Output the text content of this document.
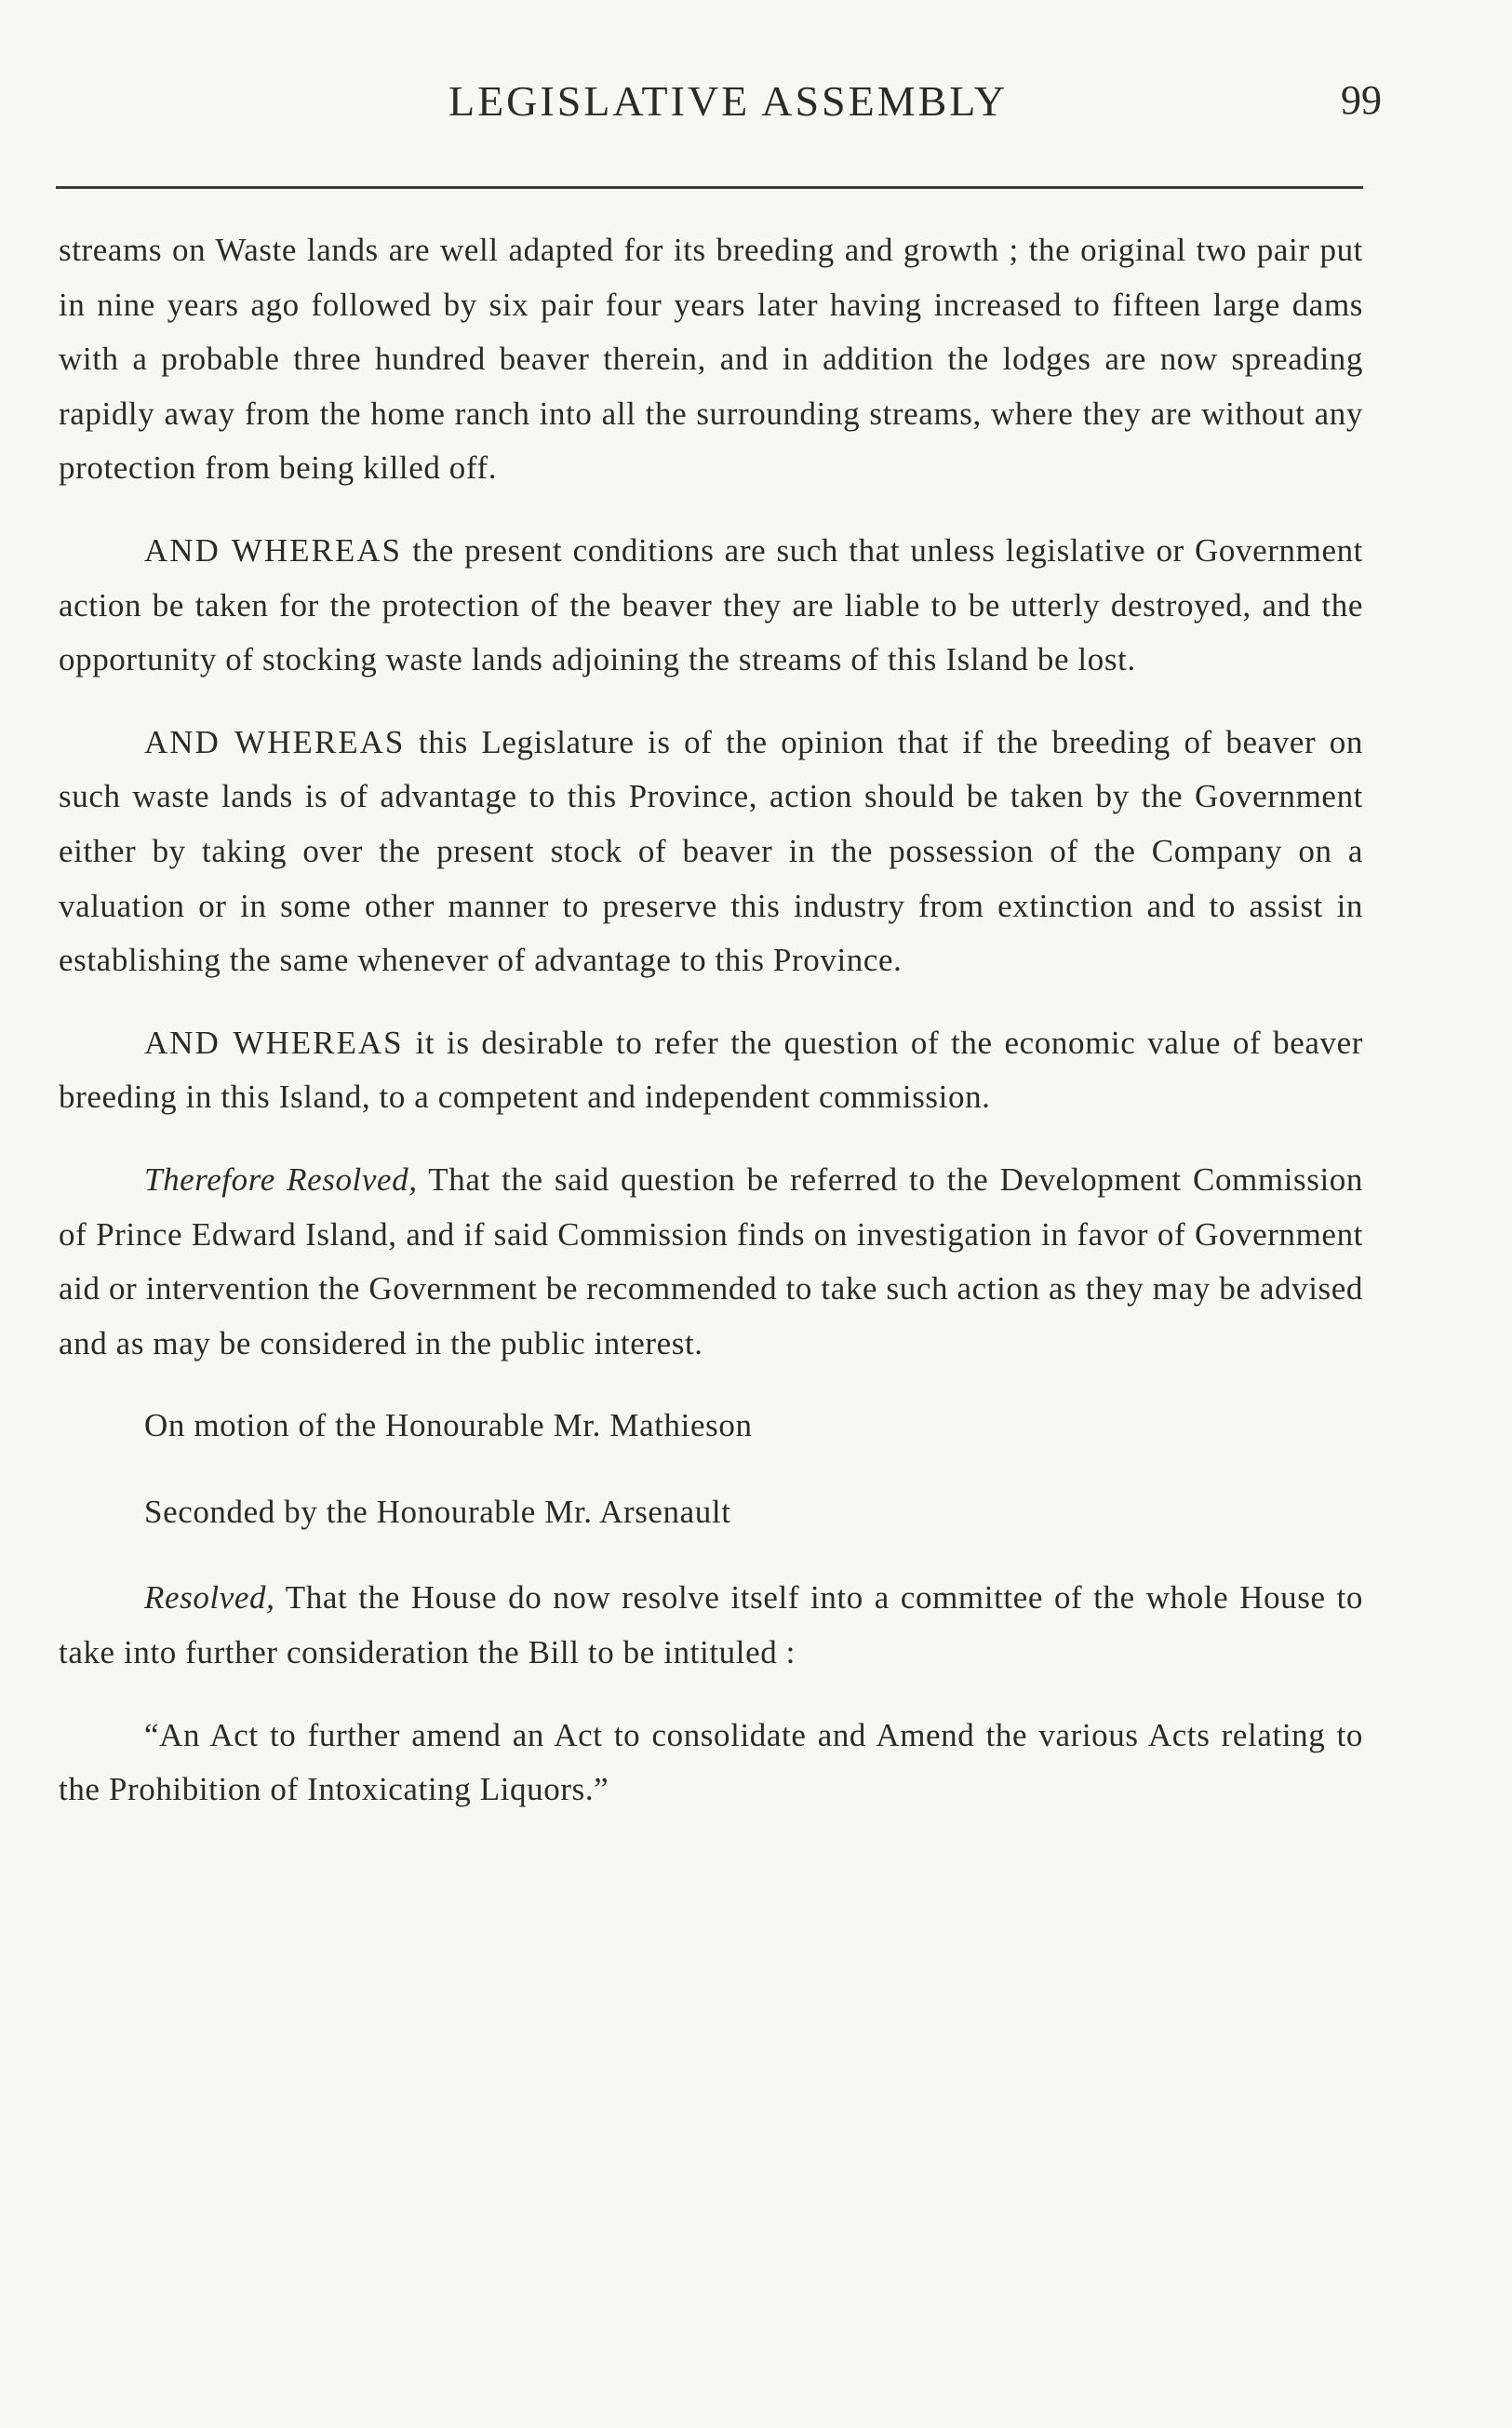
LEGISLATIVE ASSEMBLY	99

streams on Waste lands are well adapted for its breeding and growth ; the original two pair put in nine years ago followed by six pair four years later having increased to fifteen large dams with a probable three hundred beaver therein, and in addition the lodges are now spreading rapidly away from the home ranch into all the surrounding streams, where they are without any protection from being killed off.

AND WHEREAS the present conditions are such that unless legislative or Government action be taken for the protection of the beaver they are liable to be utterly destroyed, and the opportunity of stocking waste lands adjoining the streams of this Island be lost.

AND WHEREAS this Legislature is of the opinion that if the breeding of beaver on such waste lands is of advantage to this Province, action should be taken by the Government either by taking over the present stock of beaver in the possession of the Company on a valuation or in some other manner to preserve this industry from extinction and to assist in establishing the same whenever of advantage to this Province.

AND WHEREAS it is desirable to refer the question of the economic value of beaver breeding in this Island, to a competent and independent commission.

Therefore Resolved, That the said question be referred to the Development Commission of Prince Edward Island, and if said Commission finds on investigation in favor of Government aid or intervention the Government be recommended to take such action as they may be advised and as may be considered in the public interest.

On motion of the Honourable Mr. Mathieson

Seconded by the Honourable Mr. Arsenault

Resolved, That the House do now resolve itself into a committee of the whole House to take into further consideration the Bill to be intituled :

“An Act to further amend an Act to consolidate and Amend the various Acts relating to the Prohibition of Intoxicating Liquors.”
